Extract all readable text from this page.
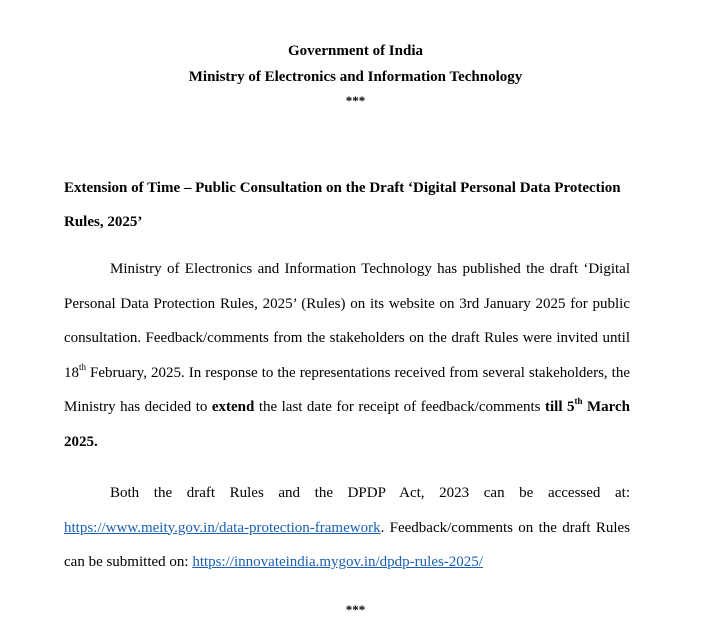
Government of India
Ministry of Electronics and Information Technology
***
Extension of Time – Public Consultation on the Draft ‘Digital Personal Data Protection Rules, 2025’
Ministry of Electronics and Information Technology has published the draft ‘Digital Personal Data Protection Rules, 2025’ (Rules) on its website on 3rd January 2025 for public consultation. Feedback/comments from the stakeholders on the draft Rules were invited until 18th February, 2025. In response to the representations received from several stakeholders, the Ministry has decided to extend the last date for receipt of feedback/comments till 5th March 2025.
Both the draft Rules and the DPDP Act, 2023 can be accessed at: https://www.meity.gov.in/data-protection-framework. Feedback/comments on the draft Rules can be submitted on: https://innovateindia.mygov.in/dpdp-rules-2025/
***
